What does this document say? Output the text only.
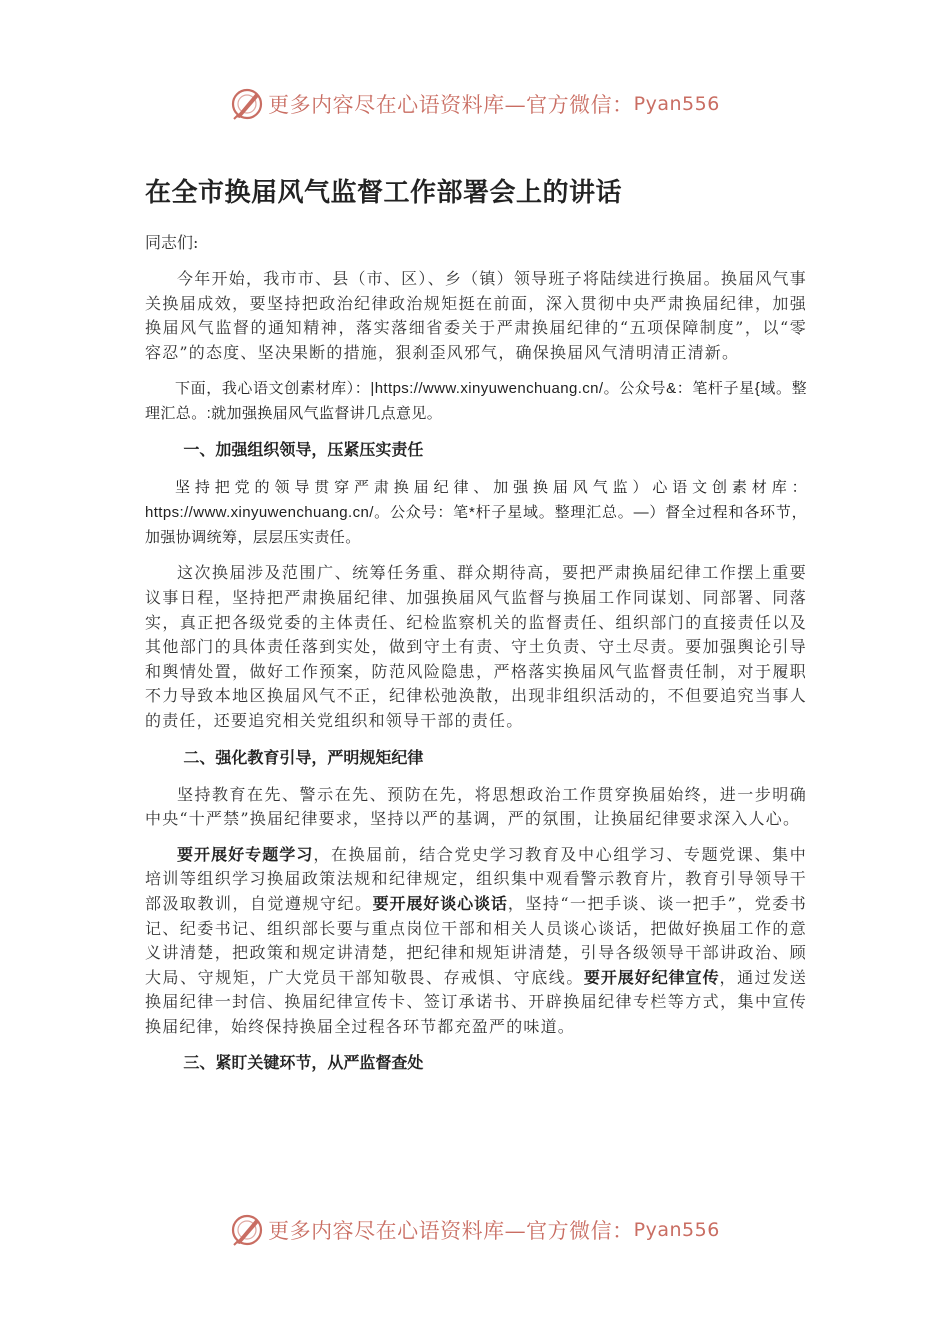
更多内容尽在心语资料库—官方微信： Pyan556
在全市换届风气监督工作部署会上的讲话
同志们:

今年开始，我市市、县（市、区）、乡（镇）领导班子将陆续进行换届。换届风气事关换届成效，要坚持把政治纪律政治规矩挺在前面，深入贯彻中央严肃换届纪律，加强换届风气监督的通知精神，落实落细省委关于严肃换届纪律的“五项保障制度”，以“零容忍”的态度、坚决果断的措施，狠刹歪风邪气，确保换届风气清明清正清新。

下面，我心语文创素材库）：|https://www.xinyuwenchuang.cn/。公众号&：笔杆子星{域。整理汇总。:就加强换届风气监督讲几点意见。

一、加强组织领导，压紧压实责任

坚持把党的领导贯穿严肃换届纪律、加强换届风气监）心语文创素材库：https://www.xinyuwenchuang.cn/。公众号：笔*杆子星域。整理汇总。—）督全过程和各环节，加强协调统筹，层层压实责任。

这次换届涉及范围广、统筹任务重、群众期待高，要把严肃换届纪律工作摆上重要议事日程，坚持把严肃换届纪律、加强换届风气监督与换届工作同谋划、同部署、同落实，真正把各级党委的主体责任、纪检监察机关的监督责任、组织部门的直接责任以及其他部门的具体责任落到实处，做到守土有责、守土负责、守土尽责。要加强舆论引导和舆情处置，做好工作预案，防范风险隐患，严格落实换届风气监督责任制，对于履职不力导致本地区换届风气不正，纪律松弛涣散，出现非组织活动的，不但要追究当事人的责任，还要追究相关党组织和领导干部的责任。

二、强化教育引导，严明规矩纪律

坚持教育在先、警示在先、预防在先，将思想政治工作贯穿换届始终，进一步明确中央“十严禁”换届纪律要求，坚持以严的基调，严的氛围，让换届纪律要求深入人心。

要开展好专题学习，在换届前，结合党史学习教育及中心组学习、专题党课、集中培训等组织学习换届政策法规和纪律规定，组织集中观看警示教育片，教育引导领导干部汲取教训，自觉遵规守纪。要开展好谈心谈话，坚持“一把手谈、谈一把手”，党委书记、纪委书记、组织部长要与重点岗位干部和相关人员谈心谈话，把做好换届工作的意义讲清楚，把政策和规定讲清楚，把纪律和规矩讲清楚，引导各级领导干部讲政治、顾大局、守规矩，广大党员干部知敬畏、存戒惧、守底线。要开展好纪律宣传，通过发送换届纪律一封信、换届纪律宣传卡、签订承诺书、开辟换届纪律专栏等方式，集中宣传换届纪律，始终保持换届全过程各环节都充盈严的味道。

三、紧盯关键环节，从严监督查处

更多内容尽在心语资料库—官方微信： Pyan556
